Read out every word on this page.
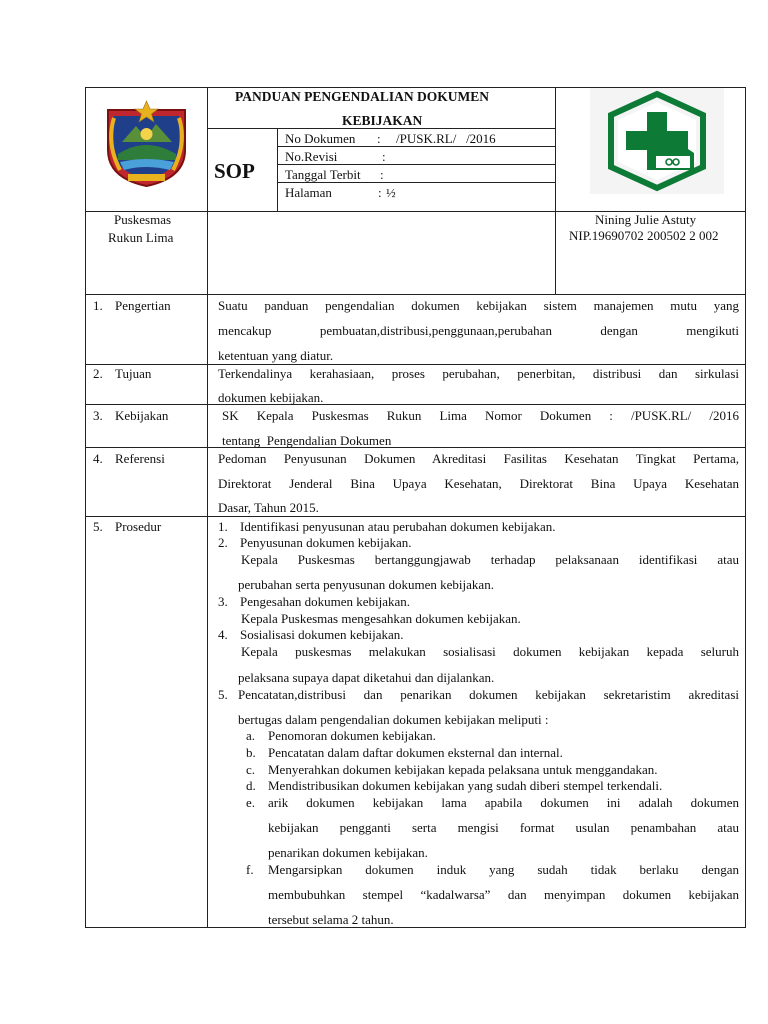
PANDUAN PENGENDALIAN DOKUMEN
KEBIJAKAN
SOP
No Dokumen : /PUSK.RL/   /2016
No.Revisi	:
Tanggal Terbit :
Halaman	: ½
Puskesmas
Rukun Lima
Nining Julie Astuty
NIP.19690702 200502 2 002
1. Pengertian
2. Tujuan
3. Kebijakan
4. Referensi
5. Prosedur
Suatu panduan pengendalian dokumen kebijakan sistem manajemen mutu yang
mencakup pembuatan,distribusi,penggunaan,perubahan dengan mengikuti
ketentuan yang diatur.
Terkendalinya kerahasiaan, proses perubahan, penerbitan, distribusi dan sirkulasi
dokumen kebijakan.
SK Kepala Puskesmas Rukun Lima Nomor Dokumen : /PUSK.RL/ /2016
tentang  Pengendalian Dokumen
Pedoman Penyusunan Dokumen Akreditasi Fasilitas Kesehatan Tingkat Pertama,
Direktorat Jenderal Bina Upaya Kesehatan, Direktorat Bina Upaya Kesehatan
Dasar, Tahun 2015.
1. Identifikasi penyusunan atau perubahan dokumen kebijakan.
2. Penyusunan dokumen kebijakan.
Kepala Puskesmas bertanggungjawab terhadap pelaksanaan identifikasi atau
perubahan serta penyusunan dokumen kebijakan.
3. Pengesahan dokumen kebijakan.
Kepala Puskesmas mengesahkan dokumen kebijakan.
4. Sosialisasi dokumen kebijakan.
Kepala puskesmas melakukan sosialisasi dokumen kebijakan kepada seluruh
pelaksana supaya dapat diketahui dan dijalankan.
5. Pencatatan,distribusi dan penarikan dokumen kebijakan sekretaristim akreditasi
bertugas dalam pengendalian dokumen kebijakan meliputi :
a. Penomoran dokumen kebijakan.
b. Pencatatan dalam daftar dokumen eksternal dan internal.
c. Menyerahkan dokumen kebijakan kepada pelaksana untuk menggandakan.
d. Mendistribusikan dokumen kebijakan yang sudah diberi stempel terkendali.
e. arik dokumen kebijakan lama apabila dokumen ini adalah dokumen
kebijakan pengganti serta mengisi format usulan penambahan atau
penarikan dokumen kebijakan.
f. Mengarsipkan dokumen induk yang sudah tidak berlaku dengan
membubuhkan stempel “kadalwarsa” dan menyimpan dokumen kebijakan
tersebut selama 2 tahun.
